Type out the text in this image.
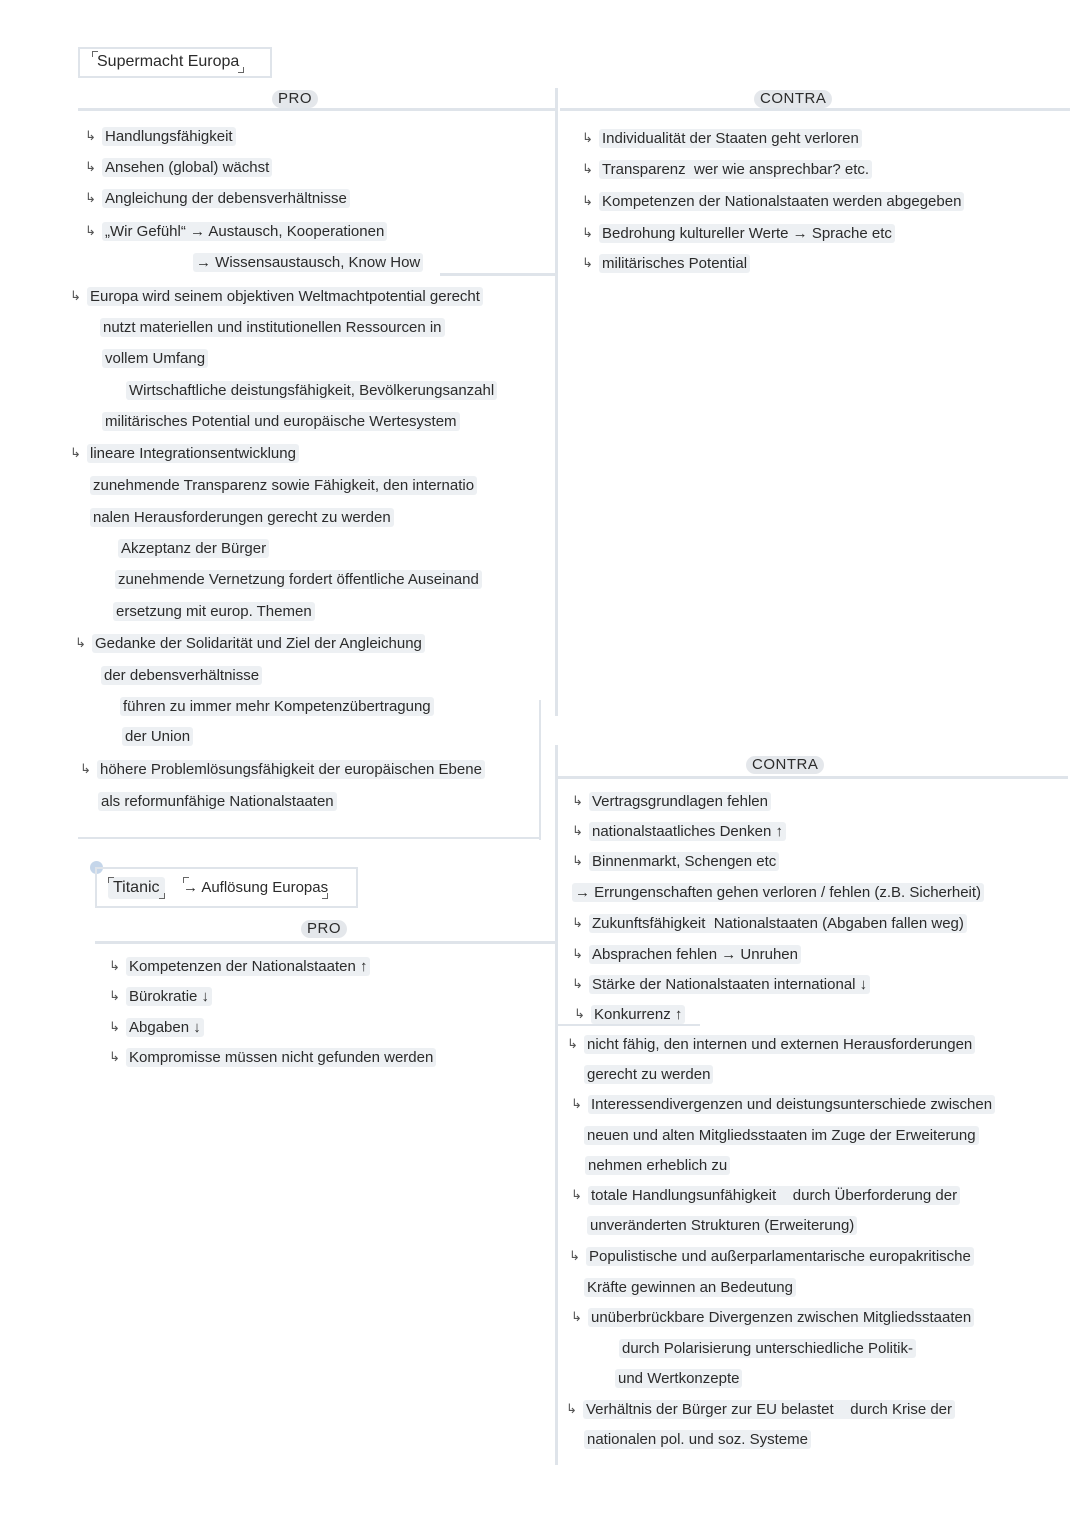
Supermacht Europa
PRO	CONTRA
↳ Handlungsfähigkeit
↳ Ansehen (global) wächst
↳ Angleichung der debensverhältnisse
↳ „Wir Gefühl“ → Austausch, Kooperationen
→ Wissensaustausch, Know How
↳ Europa wird seinem objektiven Weltmachtpotential gerecht
nutzt materiellen und institutionellen Ressourcen in
vollem Umfang
Wirtschaftliche deistungsfähigkeit, Bevölkerungsanzahl
militärisches Potential und europäische Wertesystem
↳ lineare Integrationsentwicklung
zunehmende Transparenz sowie Fähigkeit, den internatio
nalen Herausforderungen gerecht zu werden
Akzeptanz der Bürger
zunehmende Vernetzung fordert öffentliche Auseinand
ersetzung mit europ. Themen
↳ Gedanke der Solidarität und Ziel der Angleichung
der debensverhältnisse
führen zu immer mehr Kompetenzübertragung
der Union
↳ höhere Problemlösungsfähigkeit der europäischen Ebene
als reformunfähige Nationalstaaten
↳ Individualität der Staaten geht verloren
↳ Transparenz  wer wie ansprechbar? etc.
↳ Kompetenzen der Nationalstaaten werden abgegeben
↳ Bedrohung kultureller Werte → Sprache etc
↳ militärisches Potential
Titanic	→ Auflösung Europas
PRO
CONTRA
↳ Kompetenzen der Nationalstaaten ↑
↳ Bürokratie ↓
↳ Abgaben ↓
↳ Kompromisse müssen nicht gefunden werden
↳ Vertragsgrundlagen fehlen
↳ nationalstaatliches Denken ↑
↳ Binnenmarkt, Schengen etc
→ Errungenschaften gehen verloren / fehlen (z.B. Sicherheit)
↳ Zukunftsfähigkeit  Nationalstaaten (Abgaben fallen weg)
↳ Absprachen fehlen → Unruhen
↳ Stärke der Nationalstaaten international ↓
↳ Konkurrenz ↑
↳ nicht fähig, den internen und externen Herausforderungen
gerecht zu werden
↳ Interessendivergenzen und deistungsunterschiede zwischen
neuen und alten Mitgliedsstaaten im Zuge der Erweiterung
nehmen erheblich zu
↳ totale Handlungsunfähigkeit    durch Überforderung der
unveränderten Strukturen (Erweiterung)
↳ Populistische und außerparlamentarische europakritische
Kräfte gewinnen an Bedeutung
↳ unüberbrückbare Divergenzen zwischen Mitgliedsstaaten
durch Polarisierung unterschiedliche Politik-
und Wertkonzepte
↳ Verhältnis der Bürger zur EU belastet    durch Krise der
nationalen pol. und soz. Systeme
